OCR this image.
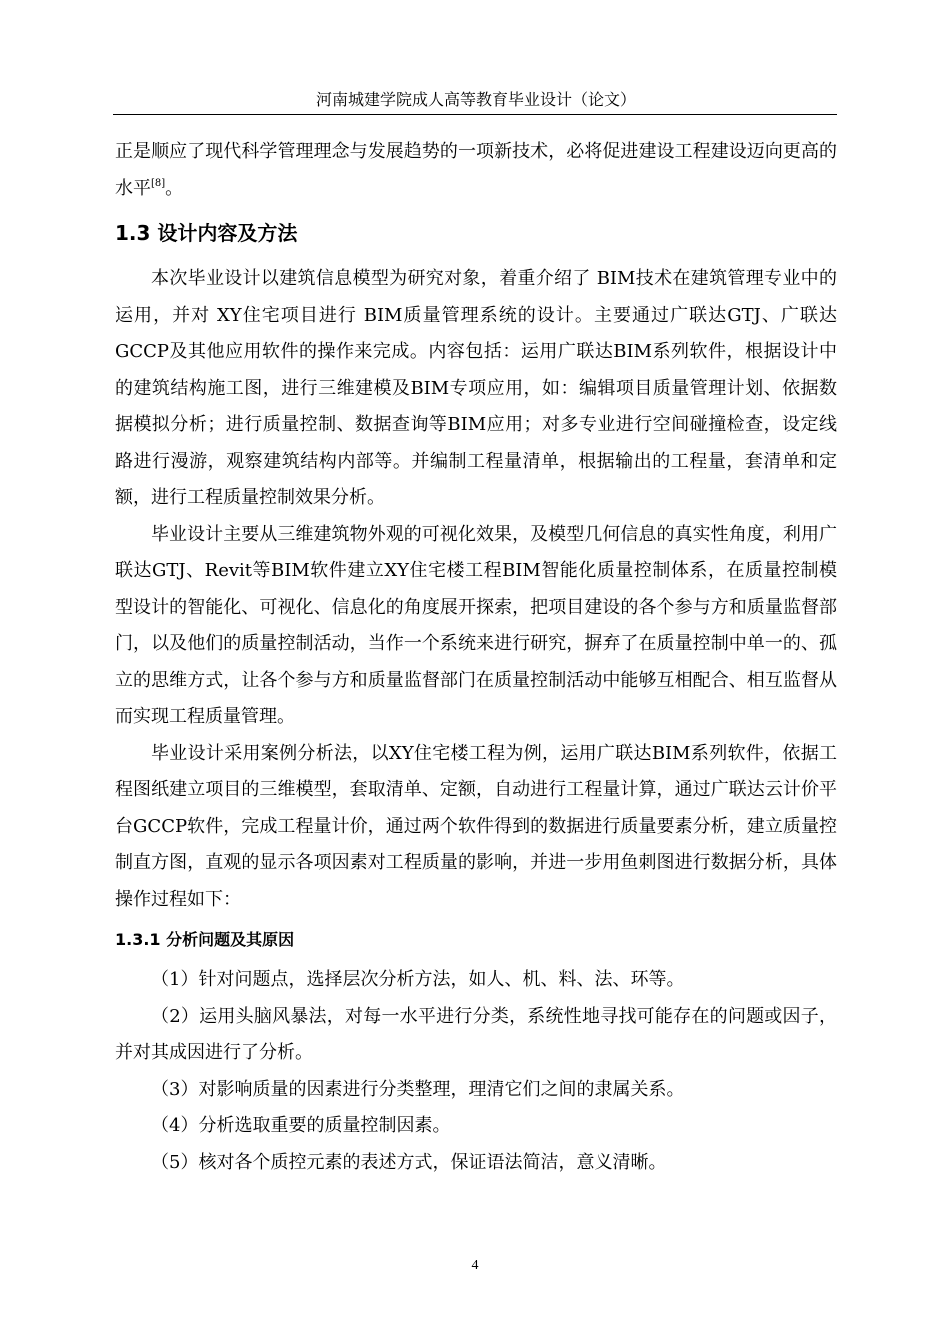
河南城建学院成人高等教育毕业设计（论文）

正是顺应了现代科学管理理念与发展趋势的一项新技术，必将促进建设工程建设迈向更高的水平[8]。

1.3 设计内容及方法

本次毕业设计以建筑信息模型为研究对象，着重介绍了 BIM技术在建筑管理专业中的运用，并对 XY住宅项目进行 BIM质量管理系统的设计。主要通过广联达GTJ、广联达GCCP及其他应用软件的操作来完成。内容包括：运用广联达BIM系列软件，根据设计中的建筑结构施工图，进行三维建模及BIM专项应用，如：编辑项目质量管理计划、依据数据模拟分析；进行质量控制、数据查询等BIM应用；对多专业进行空间碰撞检查，设定线路进行漫游，观察建筑结构内部等。并编制工程量清单，根据输出的工程量，套清单和定额，进行工程质量控制效果分析。

毕业设计主要从三维建筑物外观的可视化效果，及模型几何信息的真实性角度，利用广联达GTJ、Revit等BIM软件建立XY住宅楼工程BIM智能化质量控制体系，在质量控制模型设计的智能化、可视化、信息化的角度展开探索，把项目建设的各个参与方和质量监督部门，以及他们的质量控制活动，当作一个系统来进行研究，摒弃了在质量控制中单一的、孤立的思维方式，让各个参与方和质量监督部门在质量控制活动中能够互相配合、相互监督从而实现工程质量管理。

毕业设计采用案例分析法，以XY住宅楼工程为例，运用广联达BIM系列软件，依据工程图纸建立项目的三维模型，套取清单、定额，自动进行工程量计算，通过广联达云计价平台GCCP软件，完成工程量计价，通过两个软件得到的数据进行质量要素分析，建立质量控制直方图，直观的显示各项因素对工程质量的影响，并进一步用鱼刺图进行数据分析，具体操作过程如下：

1.3.1 分析问题及其原因

（1）针对问题点，选择层次分析方法，如人、机、料、法、环等。

（2）运用头脑风暴法，对每一水平进行分类，系统性地寻找可能存在的问题或因子，并对其成因进行了分析。

（3）对影响质量的因素进行分类整理，理清它们之间的隶属关系。

（4）分析选取重要的质量控制因素。

（5）核对各个质控元素的表述方式，保证语法简洁，意义清晰。

4
